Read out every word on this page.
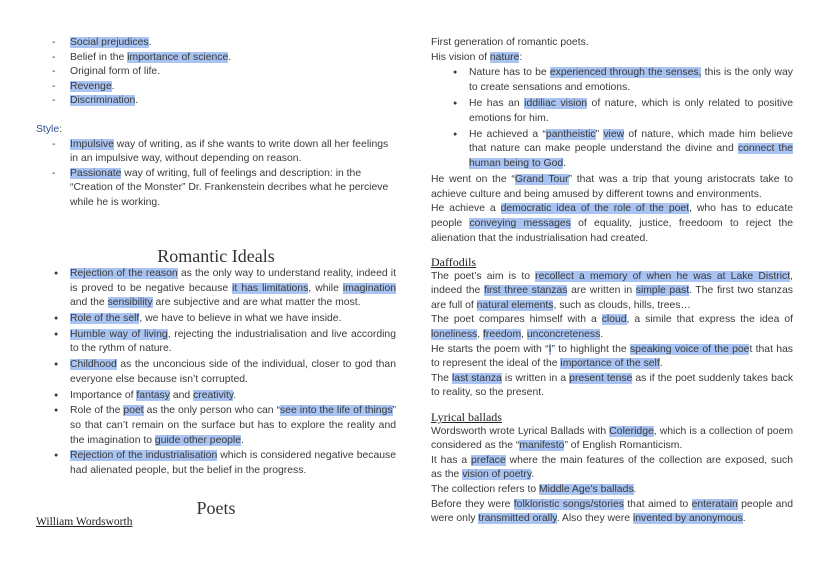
- Social prejudices.
- Belief in the importance of science.
- Original form of life.
- Revenge.
- Discrimination.
Style:
- Impulsive way of writing, as if she wants to write down all her feelings in an impulsive way, without depending on reason.
- Passionate way of writing, full of feelings and description: in the “Creation of the Monster” Dr. Frankenstein decribes what he percieve while he is working.
Romantic Ideals
● Rejection of the reason as the only way to understand reality, indeed it is proved to be negative because it has limitations, while imagination and the sensibility are subjective and are what matter the most.
● Role of the self, we have to believe in what we have inside.
● Humble way of living, rejecting the industrialisation and live according to the rythm of nature.
● Childhood as the unconcious side of the individual, closer to god than everyone else because isn’t corrupted.
● Importance of fantasy and creativity.
● Role of the poet as the only person who can “see into the life of things” so that can’t remain on the surface but has to explore the reality and the imagination to guide other people.
● Rejection of the industrialisation which is considered negative because had alienated people, but the belief in the progress.
Poets
William Wordsworth

First generation of romantic poets.

His vision of nature:

● Nature has to be experienced through the senses, this is the only way to create sensations and emotions.
● He has an iddiliac vision of nature, which is only related to positive emotions for him.
● He achieved a “pantheistic” view of nature, which made him believe that nature can make people understand the divine and connect the human being to God.

He went on the “Grand Tour” that was a trip that young aristocrats take to achieve culture and being amused by different towns and environments.

He achieve a democratic idea of the role of the poet, who has to educate people conveying messages of equality, justice, freedoom to reject the alienation that the industrialisation had created.

Daffodils

The poet’s aim is to recollect a memory of when he was at Lake District, indeed the first three stanzas are written in simple past. The first two stanzas are full of natural elements, such as clouds, hills, trees…

The poet compares himself with a cloud, a simile that express the idea of loneliness, freedom, unconcreteness.

He starts the poem with “I” to highlight the speaking voice of the poet that has to represent the ideal of the importance of the self.

The last stanza is written in a present tense as if the poet suddenly takes back to reality, so the present.

Lyrical ballads

Wordsworth wrote Lyrical Ballads with Coleridge, which is a collection of poem considered as the “manifesto” of English Romanticism.

It has a preface where the main features of the collection are exposed, such as the vision of poetry.

The collection refers to Middle Age’s ballads.

Before they were folkloristic songs/stories that aimed to enteratain people and were only transmitted orally. Also they were invented by anonymous.
